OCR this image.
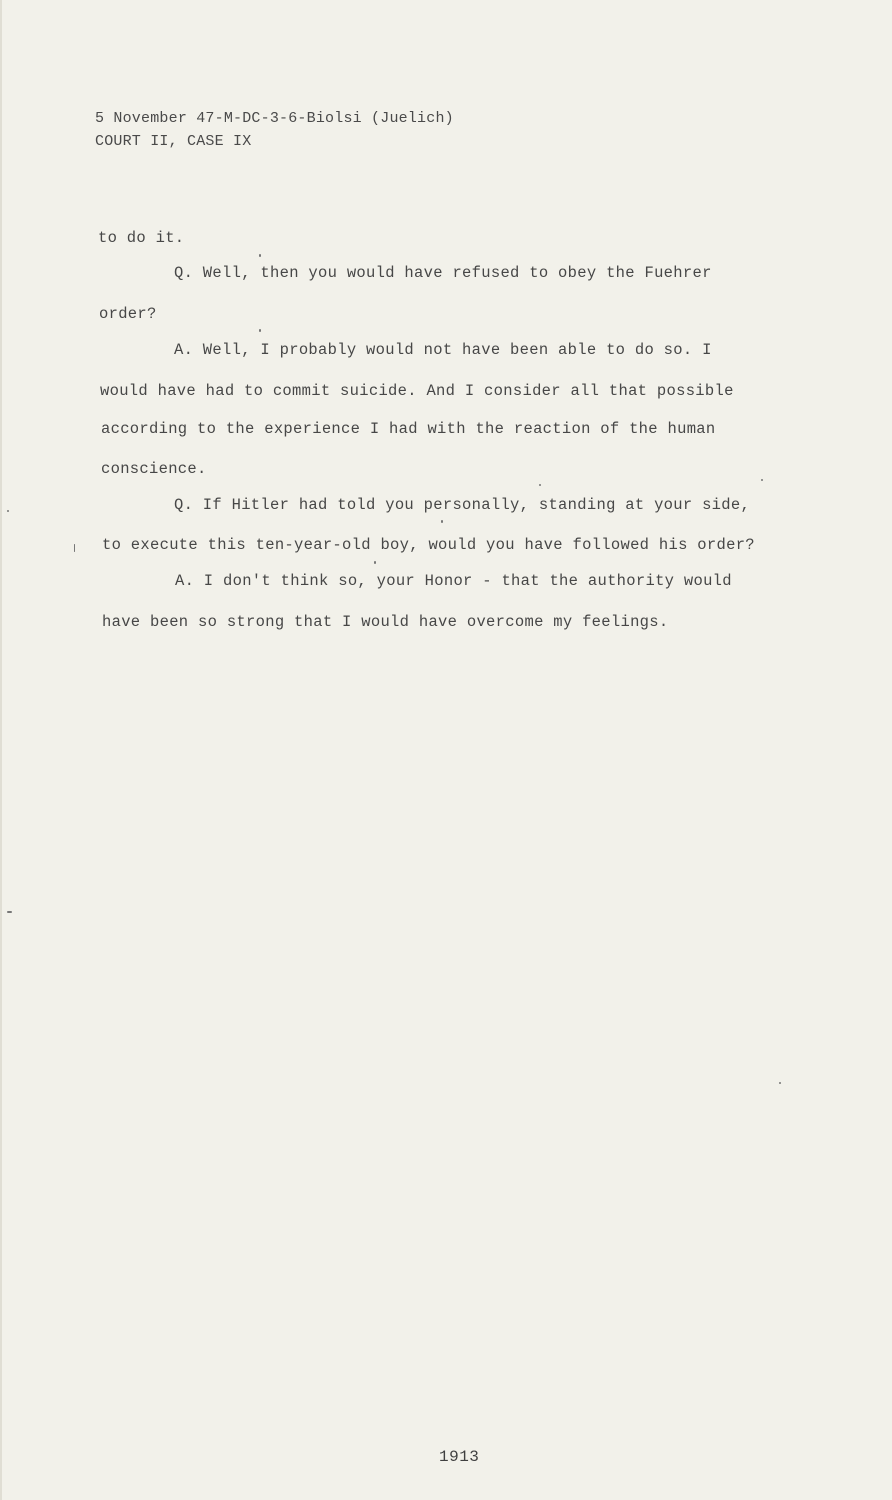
5 November 47-M-DC-3-6-Biolsi (Juelich)
COURT II, CASE IX
to do it.
Q. Well, then you would have refused to obey the Fuehrer
order?
A. Well, I probably would not have been able to do so. I
would have had to commit suicide. And I consider all that possible
according to the experience I had with the reaction of the human
conscience.
Q. If Hitler had told you personally, standing at your side,
to execute this ten-year-old boy, would you have followed his order?
A. I don't think so, your Honor - that the authority would
have been so strong that I would have overcome my feelings.
1913
